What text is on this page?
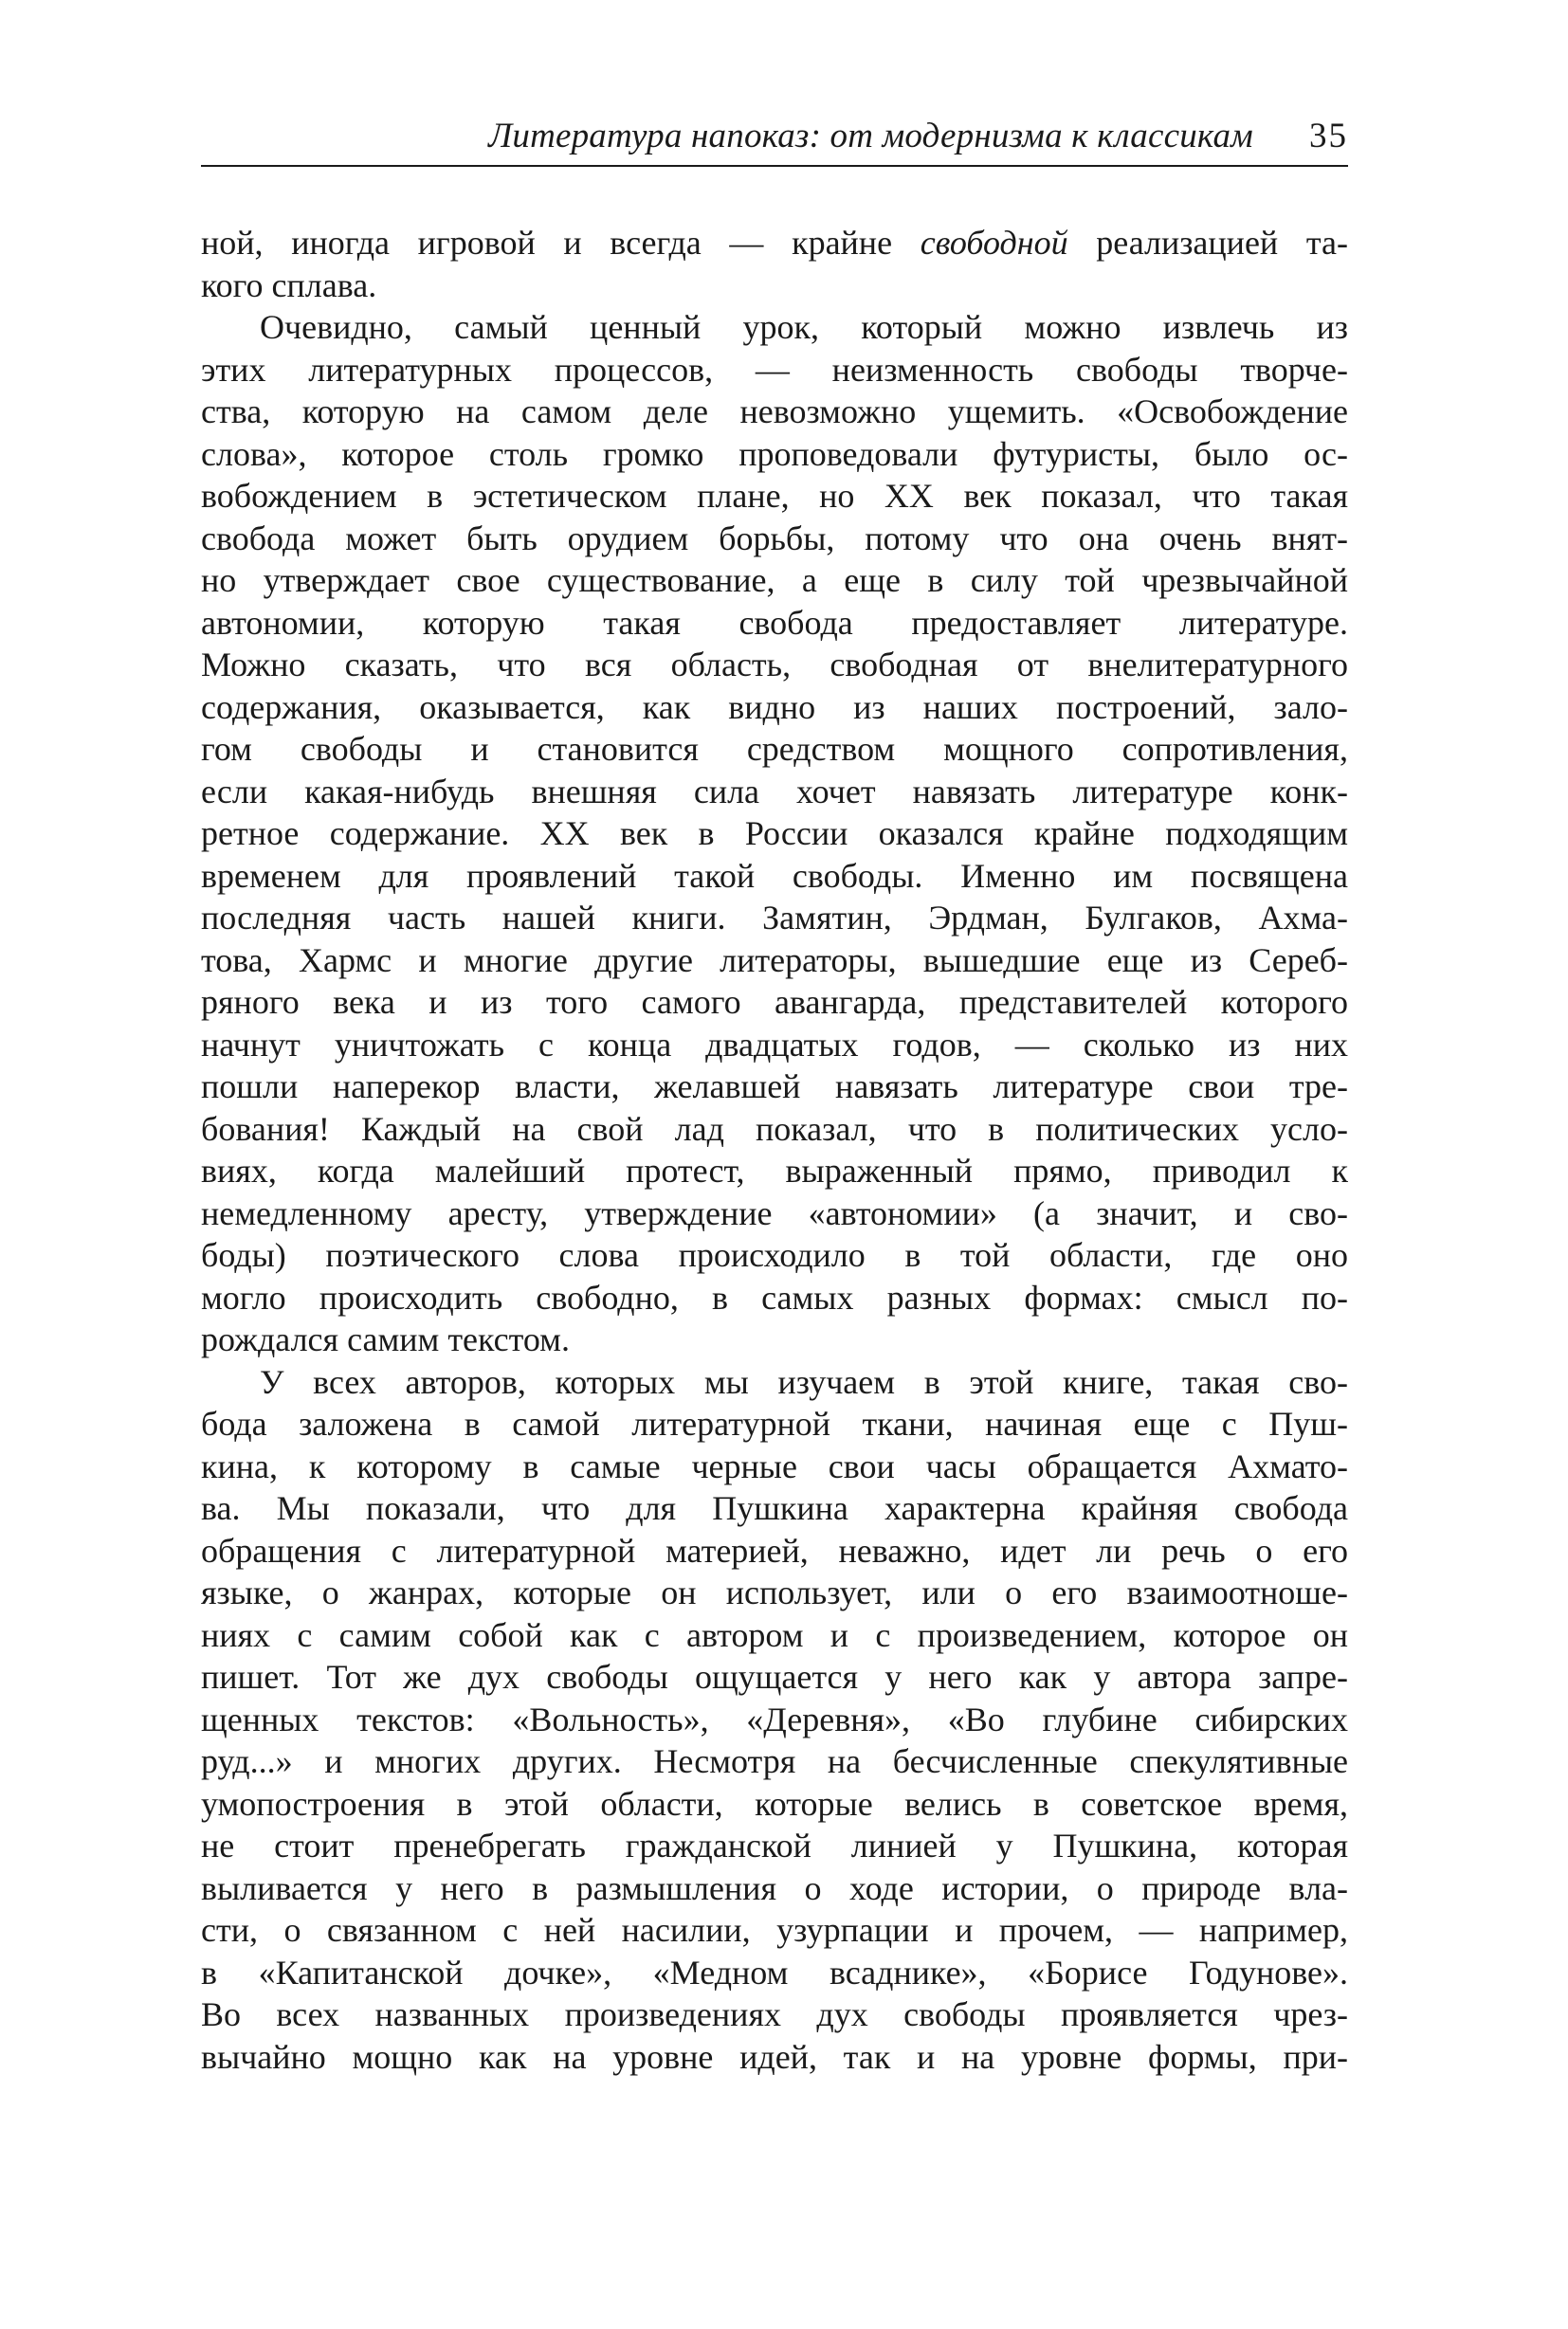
Литература напоказ: от модернизма к классикам 35
ной, иногда игровой и всегда — крайне свободной реализацией та-
кого сплава.
Очевидно, самый ценный урок, который можно извлечь из
этих литературных процессов, — неизменность свободы творче-
ства, которую на самом деле невозможно ущемить. «Освобождение
слова», которое столь громко проповедовали футуристы, было ос-
вобождением в эстетическом плане, но XX век показал, что такая
свобода может быть орудием борьбы, потому что она очень внят-
но утверждает свое существование, а еще в силу той чрезвычайной
автономии, которую такая свобода предоставляет литературе.
Можно сказать, что вся область, свободная от внелитературного
содержания, оказывается, как видно из наших построений, зало-
гом свободы и становится средством мощного сопротивления,
если какая-нибудь внешняя сила хочет навязать литературе конк-
ретное содержание. XX век в России оказался крайне подходящим
временем для проявлений такой свободы. Именно им посвящена
последняя часть нашей книги. Замятин, Эрдман, Булгаков, Ахма-
това, Хармс и многие другие литераторы, вышедшие еще из Сереб-
ряного века и из того самого авангарда, представителей которого
начнут уничтожать с конца двадцатых годов, — сколько из них
пошли наперекор власти, желавшей навязать литературе свои тре-
бования! Каждый на свой лад показал, что в политических усло-
виях, когда малейший протест, выраженный прямо, приводил к
немедленному аресту, утверждение «автономии» (а значит, и сво-
боды) поэтического слова происходило в той области, где оно
могло происходить свободно, в самых разных формах: смысл по-
рождался самим текстом.
У всех авторов, которых мы изучаем в этой книге, такая сво-
бода заложена в самой литературной ткани, начиная еще с Пуш-
кина, к которому в самые черные свои часы обращается Ахмато-
ва. Мы показали, что для Пушкина характерна крайняя свобода
обращения с литературной материей, неважно, идет ли речь о его
языке, о жанрах, которые он использует, или о его взаимоотноше-
ниях с самим собой как с автором и с произведением, которое он
пишет. Тот же дух свободы ощущается у него как у автора запре-
щенных текстов: «Вольность», «Деревня», «Во глубине сибирских
руд...» и многих других. Несмотря на бесчисленные спекулятивные
умопостроения в этой области, которые велись в советское время,
не стоит пренебрегать гражданской линией у Пушкина, которая
выливается у него в размышления о ходе истории, о природе вла-
сти, о связанном с ней насилии, узурпации и прочем, — например,
в «Капитанской дочке», «Медном всаднике», «Борисе Годунове».
Во всех названных произведениях дух свободы проявляется чрез-
вычайно мощно как на уровне идей, так и на уровне формы, при-
